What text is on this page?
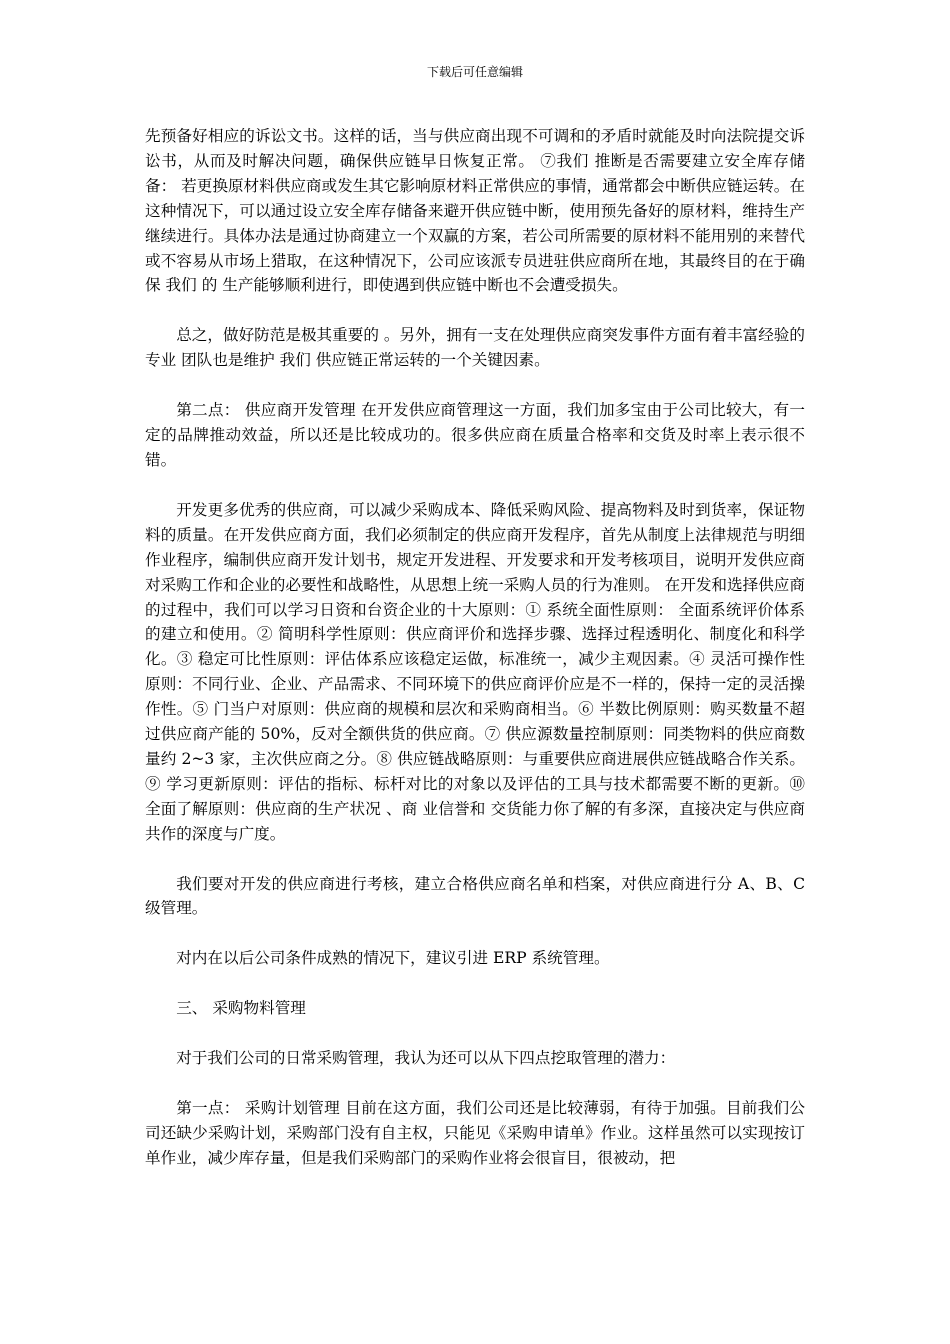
下载后可任意编辑

先预备好相应的诉讼文书。这样的话，当与供应商出现不可调和的矛盾时就能及时向法院提交诉讼书，从而及时解决问题，确保供应链早日恢复正常。 ⑦我们 推断是否需要建立安全库存储备： 若更换原材料供应商或发生其它影响原材料正常供应的事情，通常都会中断供应链运转。在这种情况下，可以通过设立安全库存储备来避开供应链中断，使用预先备好的原材料，维持生产继续进行。具体办法是通过协商建立一个双赢的方案，若公司所需要的原材料不能用别的来替代或不容易从市场上猎取，在这种情况下，公司应该派专员进驻供应商所在地，其最终目的在于确保 我们 的 生产能够顺利进行，即使遇到供应链中断也不会遭受损失。

总之，做好防范是极其重要的 。另外，拥有一支在处理供应商突发事件方面有着丰富经验的 专业 团队也是维护 我们 供应链正常运转的一个关键因素。

第二点： 供应商开发管理 在开发供应商管理这一方面，我们加多宝由于公司比较大，有一定的品牌推动效益，所以还是比较成功的。很多供应商在质量合格率和交货及时率上表示很不错。

开发更多优秀的供应商，可以减少采购成本、降低采购风险、提高物料及时到货率，保证物料的质量。在开发供应商方面，我们必须制定的供应商开发程序，首先从制度上法律规范与明细作业程序，编制供应商开发计划书，规定开发进程、开发要求和开发考核项目，说明开发供应商对采购工作和企业的必要性和战略性，从思想上统一采购人员的行为准则。 在开发和选择供应商的过程中，我们可以学习日资和台资企业的十大原则：① 系统全面性原则： 全面系统评价体系的建立和使用。② 简明科学性原则：供应商评价和选择步骤、选择过程透明化、制度化和科学化。③ 稳定可比性原则：评估体系应该稳定运做，标准统一，减少主观因素。④ 灵活可操作性原则：不同行业、企业、产品需求、不同环境下的供应商评价应是不一样的，保持一定的灵活操作性。⑤ 门当户对原则：供应商的规模和层次和采购商相当。⑥ 半数比例原则：购买数量不超过供应商产能的 50%，反对全额供货的供应商。⑦ 供应源数量控制原则：同类物料的供应商数量约 2~3 家，主次供应商之分。⑧ 供应链战略原则：与重要供应商进展供应链战略合作关系。⑨ 学习更新原则：评估的指标、标杆对比的对象以及评估的工具与技术都需要不断的更新。⑩ 全面了解原则：供应商的生产状况 、商 业信誉和 交货能力你了解的有多深，直接决定与供应商共作的深度与广度。

我们要对开发的供应商进行考核，建立合格供应商名单和档案，对供应商进行分 A、B、C 级管理。

对内在以后公司条件成熟的情况下，建议引进 ERP 系统管理。

三、 采购物料管理

对于我们公司的日常采购管理，我认为还可以从下四点挖取管理的潜力：

第一点： 采购计划管理 目前在这方面，我们公司还是比较薄弱，有待于加强。目前我们公司还缺少采购计划，采购部门没有自主权，只能见《采购申请单》作业。这样虽然可以实现按订单作业，减少库存量，但是我们采购部门的采购作业将会很盲目，很被动，把
